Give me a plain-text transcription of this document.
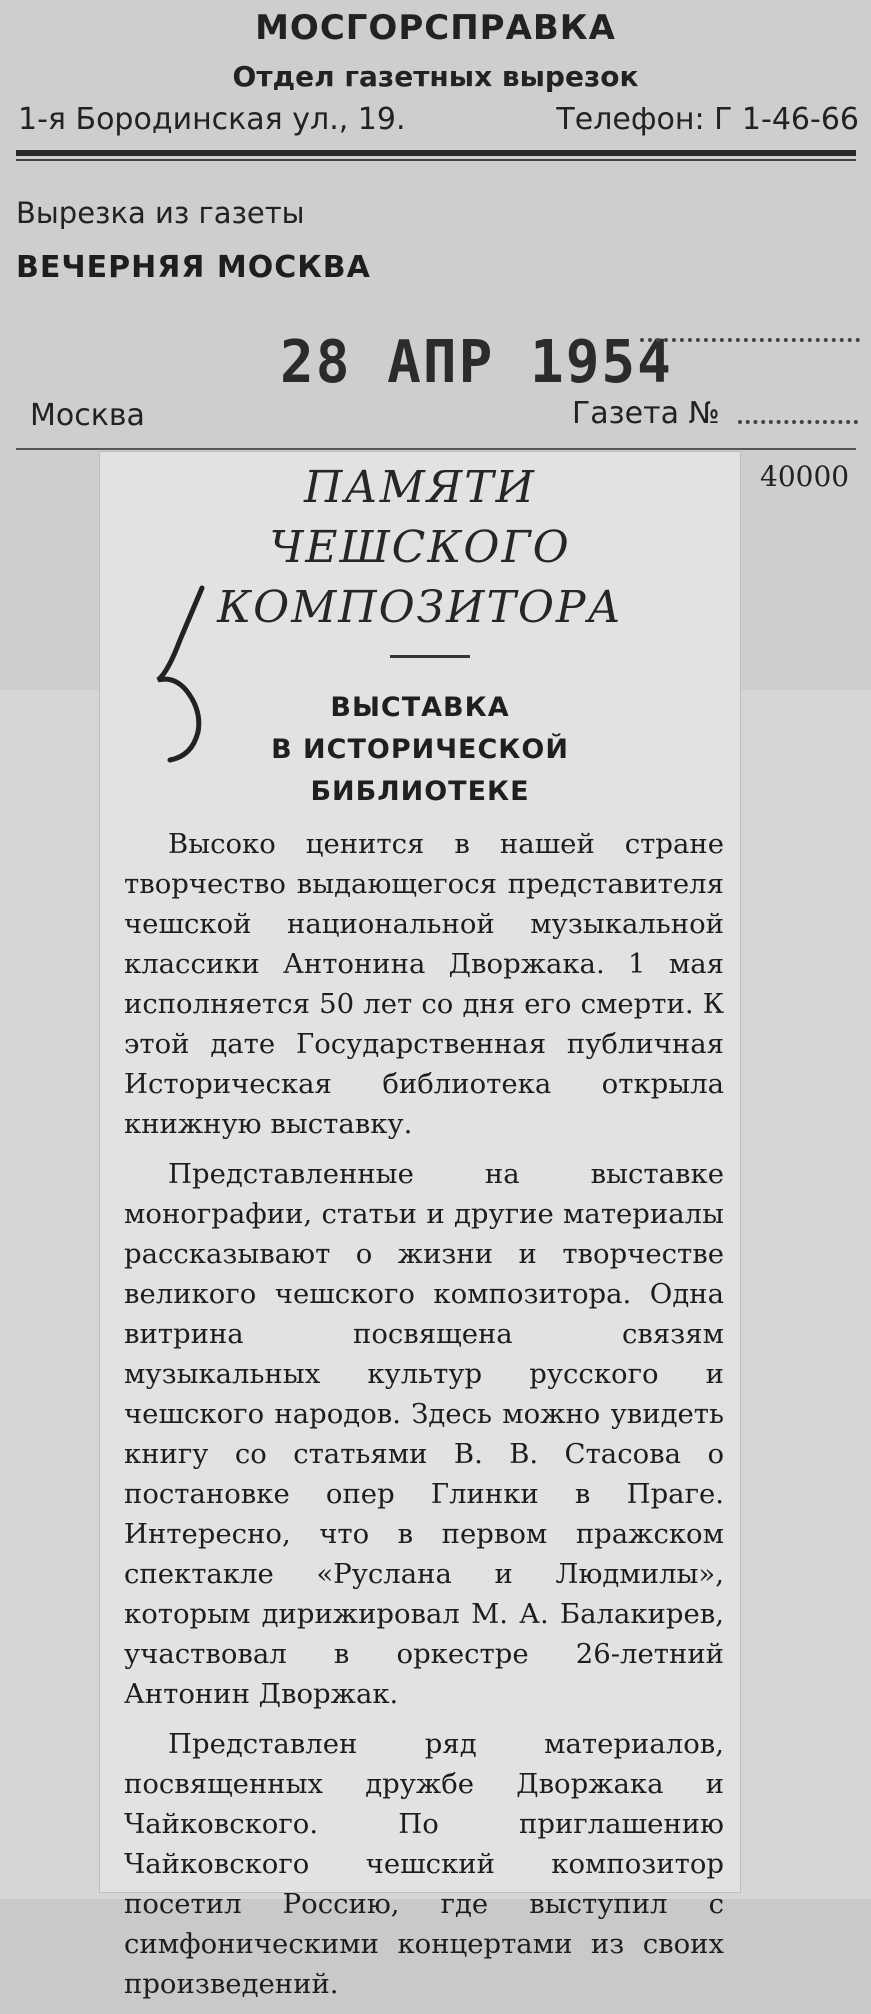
МОСГОРСПРАВКА
Отдел газетных вырезок
1-я Бородинская ул., 19.	Телефон: Г 1-46-66
Вырезка из газеты
ВЕЧЕРНЯЯ МОСКВА
28 АПР 1954
Москва	Газета №
40000
ПАМЯТИ
ЧЕШСКОГО
КОМПОЗИТОРА
ВЫСТАВКА
В ИСТОРИЧЕСКОЙ
БИБЛИОТЕКЕ

Высоко ценится в нашей стране творчество выдающегося представителя чешской национальной музыкальной классики Антонина Дворжака. 1 мая исполняется 50 лет со дня его смерти. К этой дате Государственная публичная Историческая библиотека открыла книжную выставку.

Представленные на выставке монографии, статьи и другие материалы рассказывают о жизни и творчестве великого чешского композитора. Одна витрина посвящена связям музыкальных культур русского и чешского народов. Здесь можно увидеть книгу со статьями В. В. Стасова о постановке опер Глинки в Праге. Интересно, что в первом пражском спектакле «Руслана и Людмилы», которым дирижировал М. А. Балакирев, участвовал в оркестре 26-летний Антонин Дворжак.

Представлен ряд материалов, посвященных дружбе Дворжака и Чайковского. По приглашению Чайковского чешский композитор посетил Россию, где выступил с симфоническими концертами из своих произведений.
